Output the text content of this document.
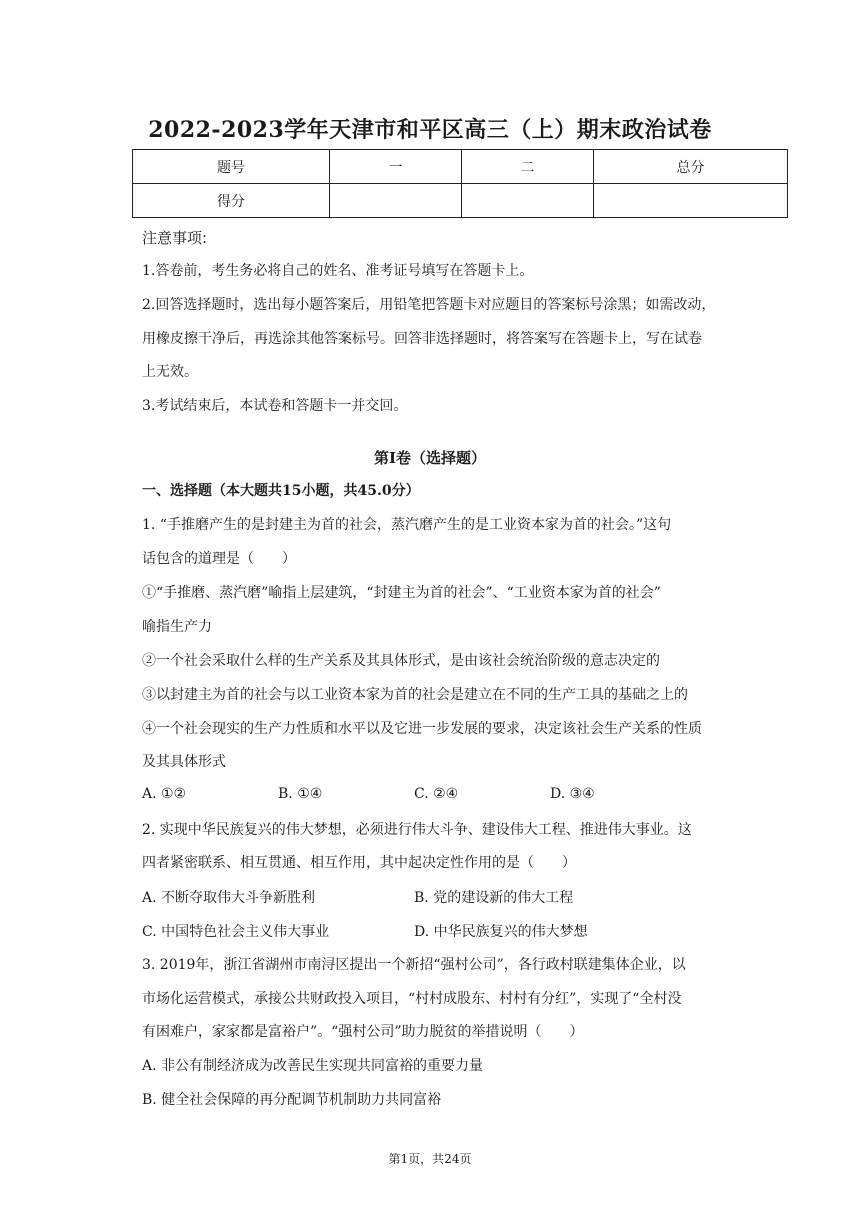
2022-2023学年天津市和平区高三（上）期末政治试卷
题号	一	二	总分
得分			
注意事项:
1.答卷前，考生务必将自己的姓名、准考证号填写在答题卡上。
2.回答选择题时，选出每小题答案后，用铅笔把答题卡对应题目的答案标号涂黑；如需改动，
用橡皮擦干净后，再选涂其他答案标号。回答非选择题时，将答案写在答题卡上，写在试卷
上无效。
3.考试结束后，本试卷和答题卡一并交回。
第I卷（选择题）
一、选择题（本大题共15小题，共45.0分）
1. “手推磨产生的是封建主为首的社会，蒸汽磨产生的是工业资本家为首的社会。”这句
话包含的道理是（　　）
①“手推磨、蒸汽磨”喻指上层建筑，“封建主为首的社会”、“工业资本家为首的社会”
喻指生产力
②一个社会采取什么样的生产关系及其具体形式，是由该社会统治阶级的意志决定的
③以封建主为首的社会与以工业资本家为首的社会是建立在不同的生产工具的基础之上的
④一个社会现实的生产力性质和水平以及它进一步发展的要求，决定该社会生产关系的性质
及其具体形式
A. ①②	B. ①④	C. ②④	D. ③④
2. 实现中华民族复兴的伟大梦想，必须进行伟大斗争、建设伟大工程、推进伟大事业。这
四者紧密联系、相互贯通、相互作用，其中起决定性作用的是（　　）
A. 不断夺取伟大斗争新胜利	B. 党的建设新的伟大工程
C. 中国特色社会主义伟大事业	D. 中华民族复兴的伟大梦想
3. 2019年，浙江省湖州市南浔区提出一个新招“强村公司”，各行政村联建集体企业，以
市场化运营模式，承接公共财政投入项目，“村村成股东、村村有分红”，实现了“全村没
有困难户，家家都是富裕户”。“强村公司”助力脱贫的举措说明（　　）
A. 非公有制经济成为改善民生实现共同富裕的重要力量
B. 健全社会保障的再分配调节机制助力共同富裕
第1页，共24页
